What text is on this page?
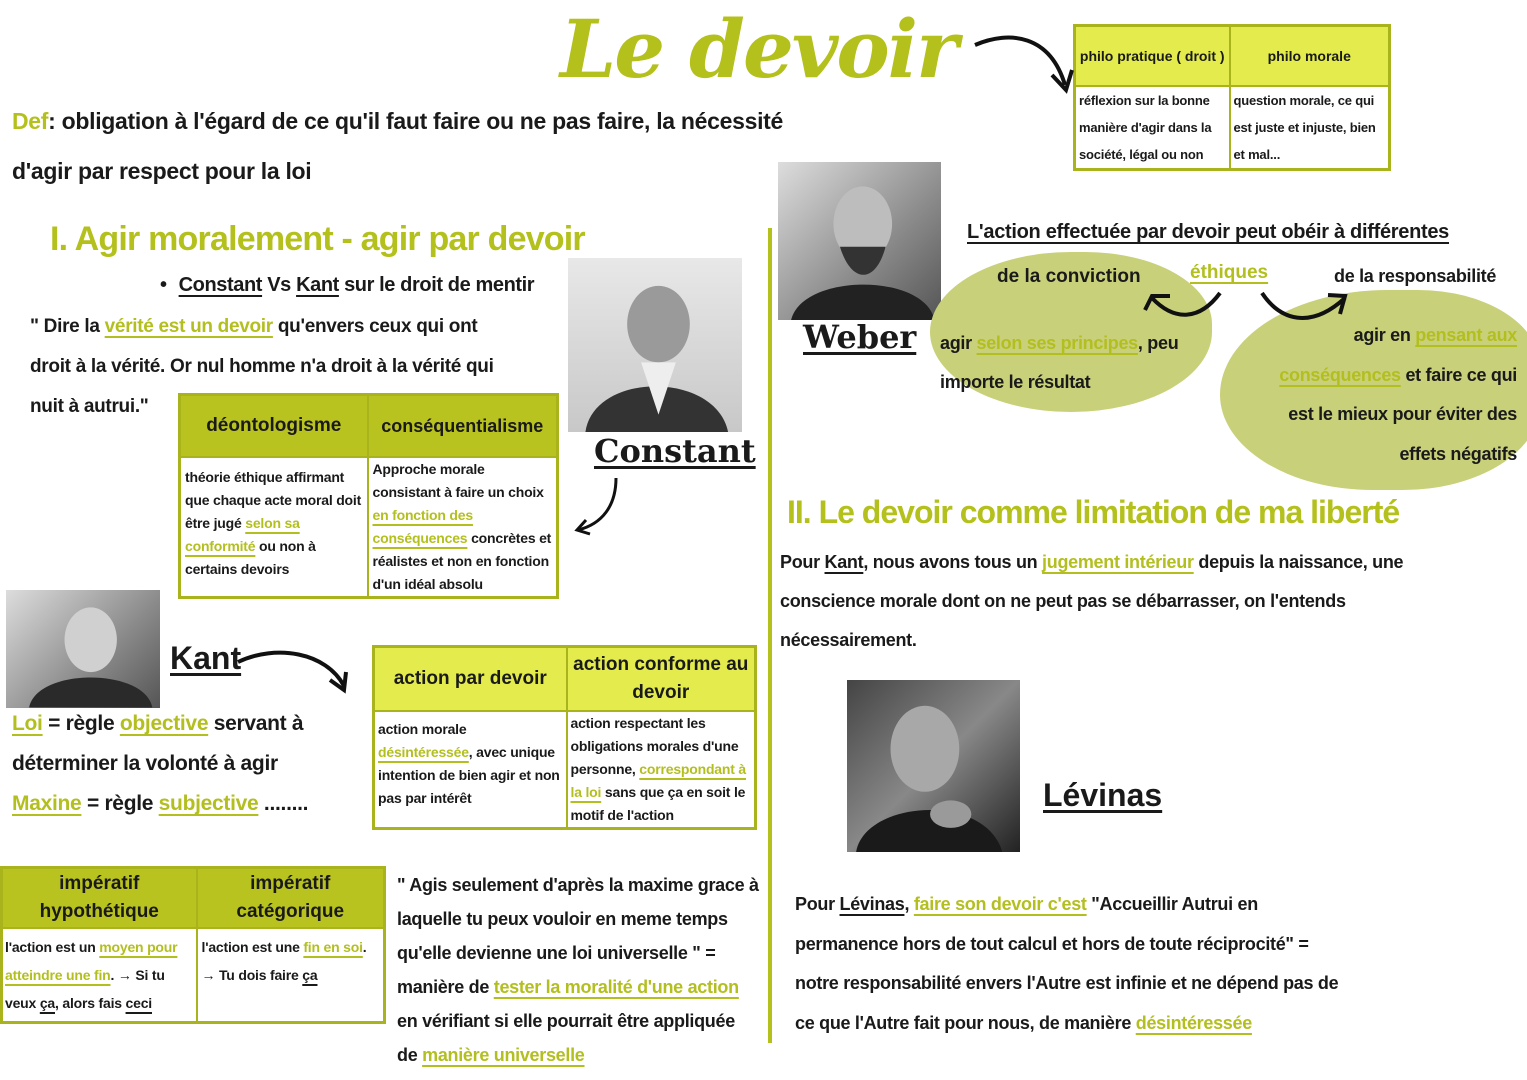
Le devoir
Def: obligation à l'égard de ce qu'il faut faire ou ne pas faire, la nécessité
d'agir par respect pour la loi
I. Agir moralement - agir par devoir
• Constant Vs Kant sur le droit de mentir
" Dire la vérité est un devoir qu'envers ceux qui ont
droit à la vérité. Or nul homme n'a droit à la vérité qui
nuit à autrui."
Constant
déontologisme	conséquentialisme
théorie éthique affirmant que chaque acte moral doit être jugé selon sa conformité ou non à certains devoirs	Approche morale consistant à faire un choix en fonction des conséquences concrètes et réalistes et non en fonction d'un idéal absolu
Kant
Loi = règle objective servant à
déterminer la volonté à agir
Maxine = règle subjective ........
action par devoir	action conforme au devoir
action morale désintéressée, avec unique intention de bien agir et non pas par intérêt	action respectant les obligations morales d'une personne, correspondant à la loi sans que ça en soit le motif de l'action
impératif hypothétique	impératif catégorique
l'action est un moyen pour atteindre une fin. → Si tu veux ça, alors fais ceci	l'action est une fin en soi. → Tu dois faire ça
" Agis seulement d'après la maxime grace à
laquelle tu peux vouloir en meme temps
qu'elle devienne une loi universelle " =
manière de tester la moralité d'une action
en vérifiant si elle pourrait être appliquée
de manière universelle
philo pratique ( droit )	philo morale
réflexion sur la bonne manière d'agir dans la société, légal ou non	question morale, ce qui est juste et injuste, bien et mal...
Weber
L'action effectuée par devoir peut obéir à différentes
éthiques
de la conviction	de la responsabilité
agir selon ses principes, peu
importe le résultat
agir en pensant aux
conséquences et faire ce qui
est le mieux pour éviter des
effets négatifs
II. Le devoir comme limitation de ma liberté
Pour Kant, nous avons tous un jugement intérieur depuis la naissance, une
conscience morale dont on ne peut pas se débarrasser, on l'entends
nécessairement.
Lévinas
Pour Lévinas, faire son devoir c'est "Accueillir Autrui en
permanence hors de tout calcul et hors de toute réciprocité" =
notre responsabilité envers l'Autre est infinie et ne dépend pas de
ce que l'Autre fait pour nous, de manière désintéressée
